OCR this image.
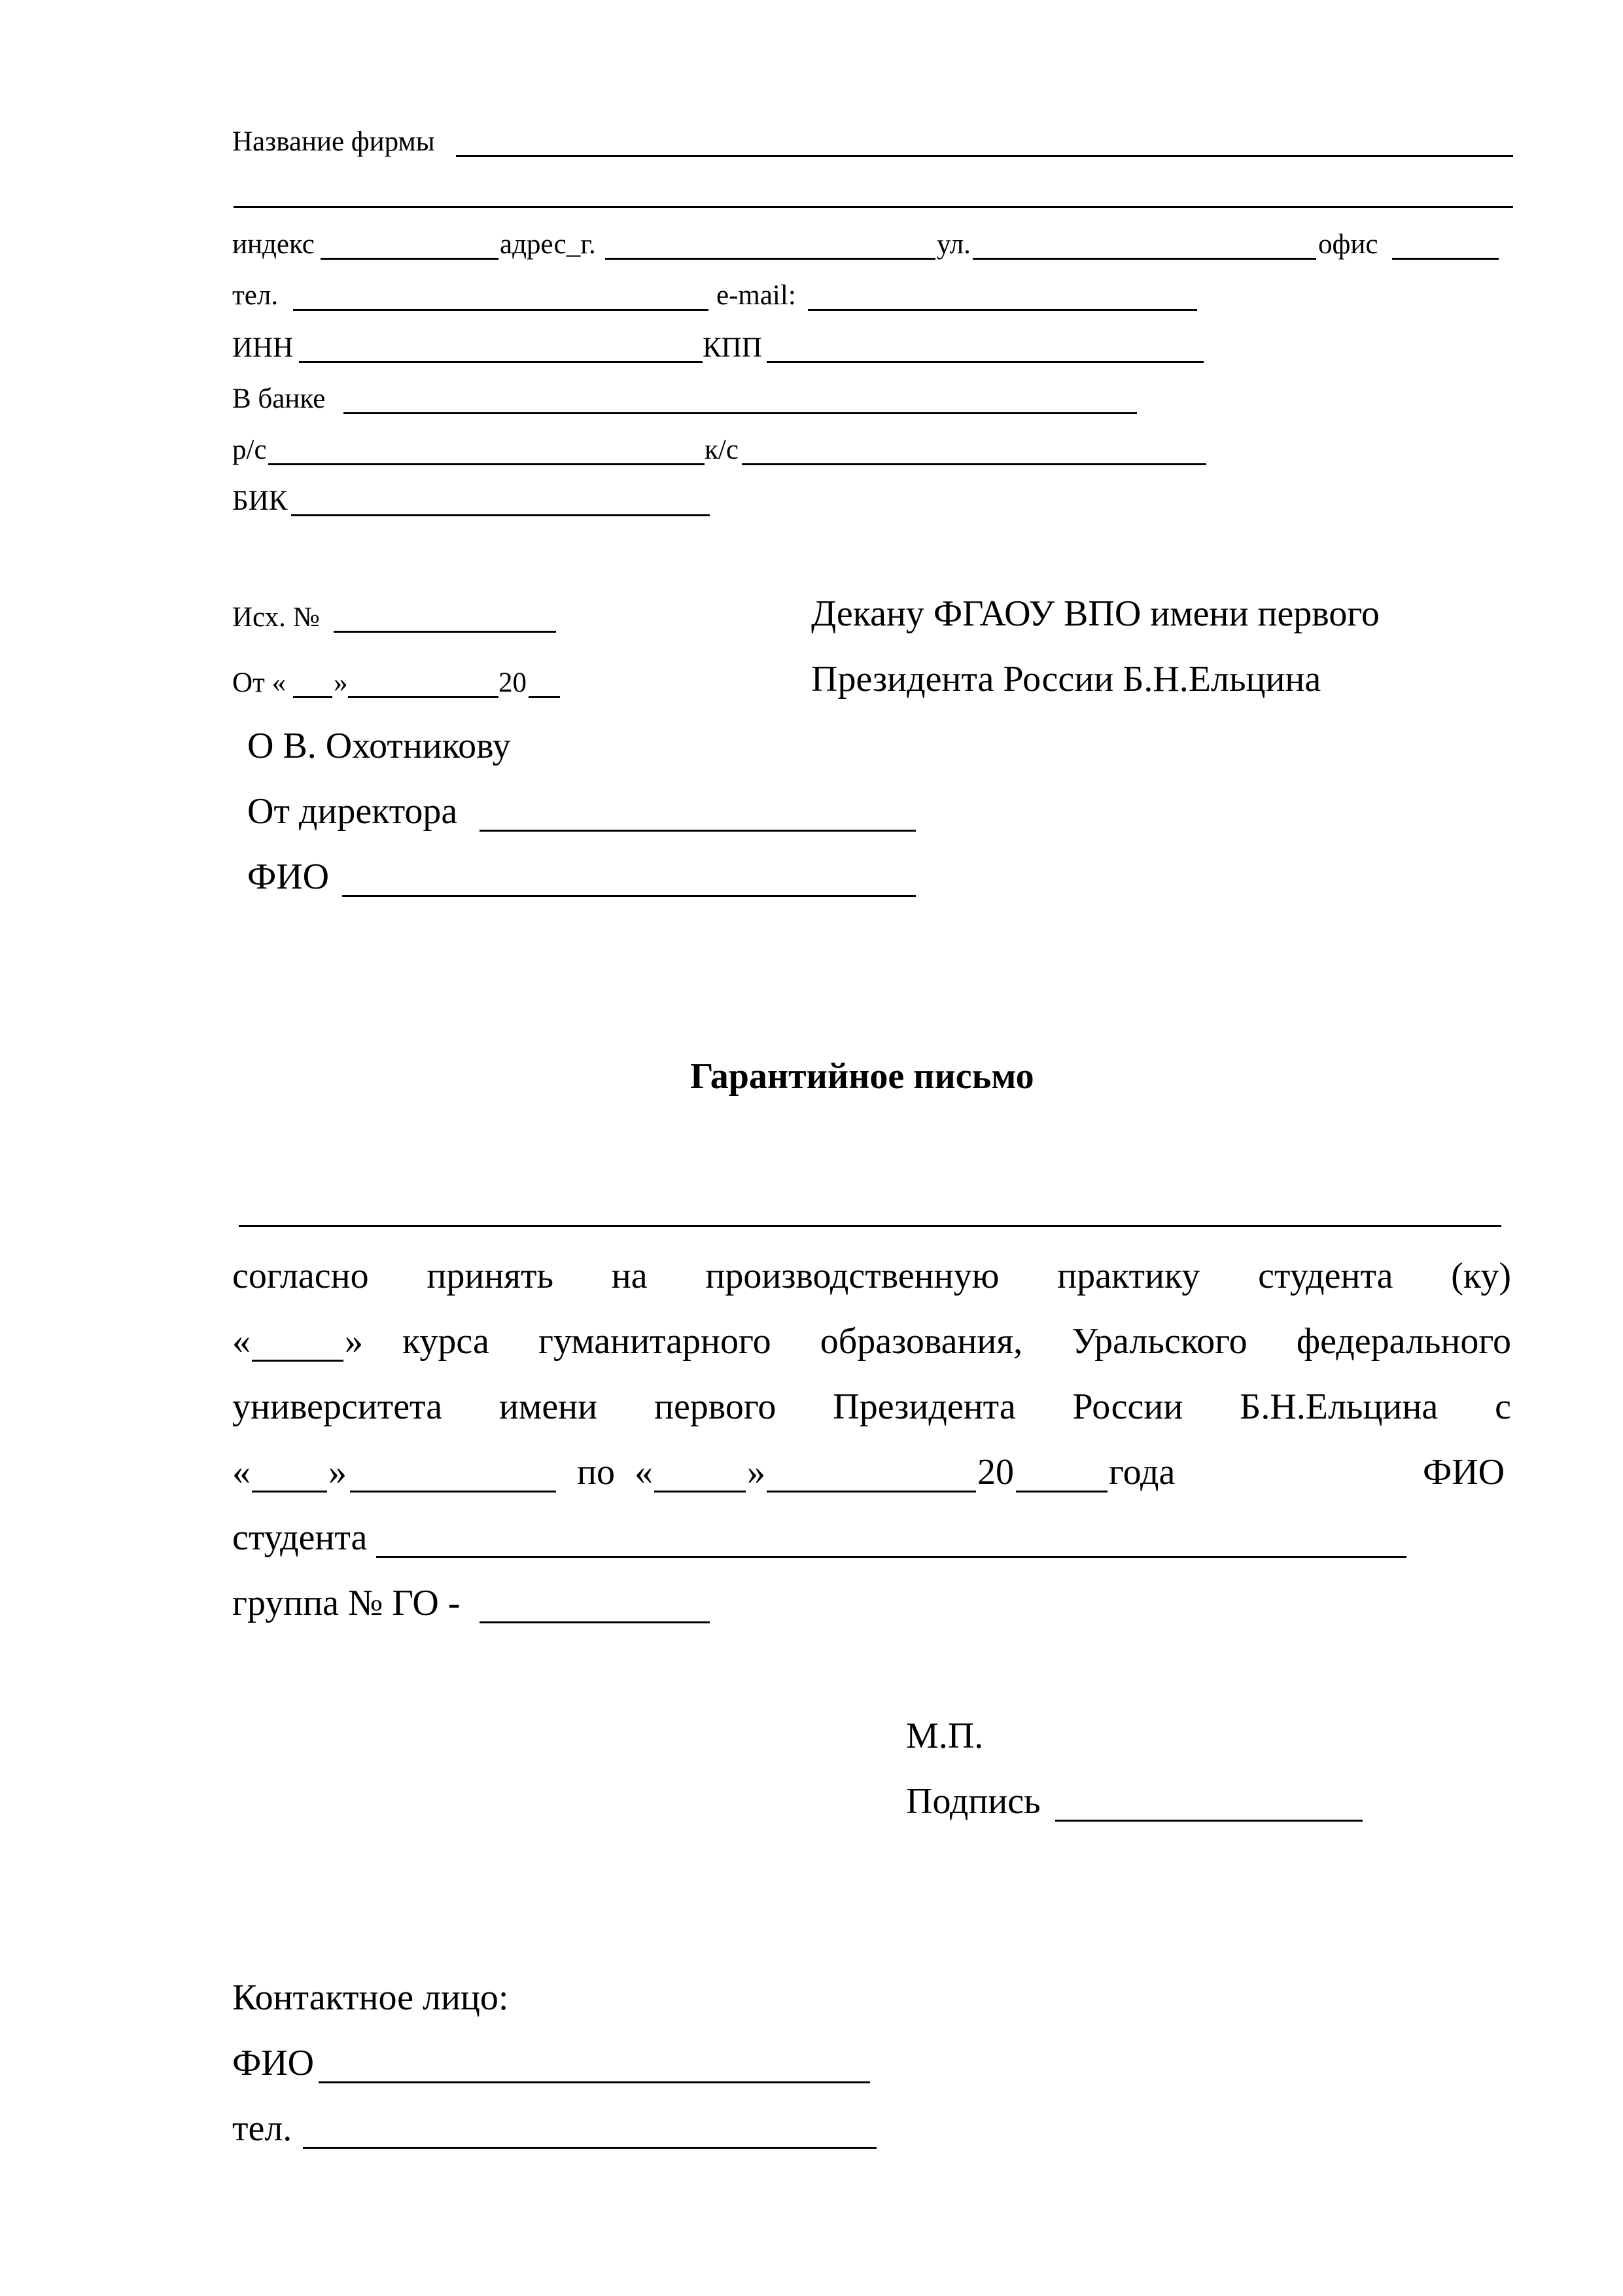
Название фирмы
индекс	адрес_г.	ул.	офис
тел.	e-mail:
ИНН	КПП
В банке
р/с	к/с
БИК
Исх. №
От « »	20
Декану ФГАОУ ВПО имени первого
Президента России Б.Н.Ельцина
О В. Охотникову
От директора
ФИО
Гарантийное письмо
согласно принять на производственную практику студента (ку)
«	» курса гуманитарного образования, Уральского федерального
университета имени первого Президента России Б.Н.Ельцина с
« »	по «	»	20	года	ФИО
студента
группа № ГО -
М.П.
Подпись
Контактное лицо:
ФИО
тел.
